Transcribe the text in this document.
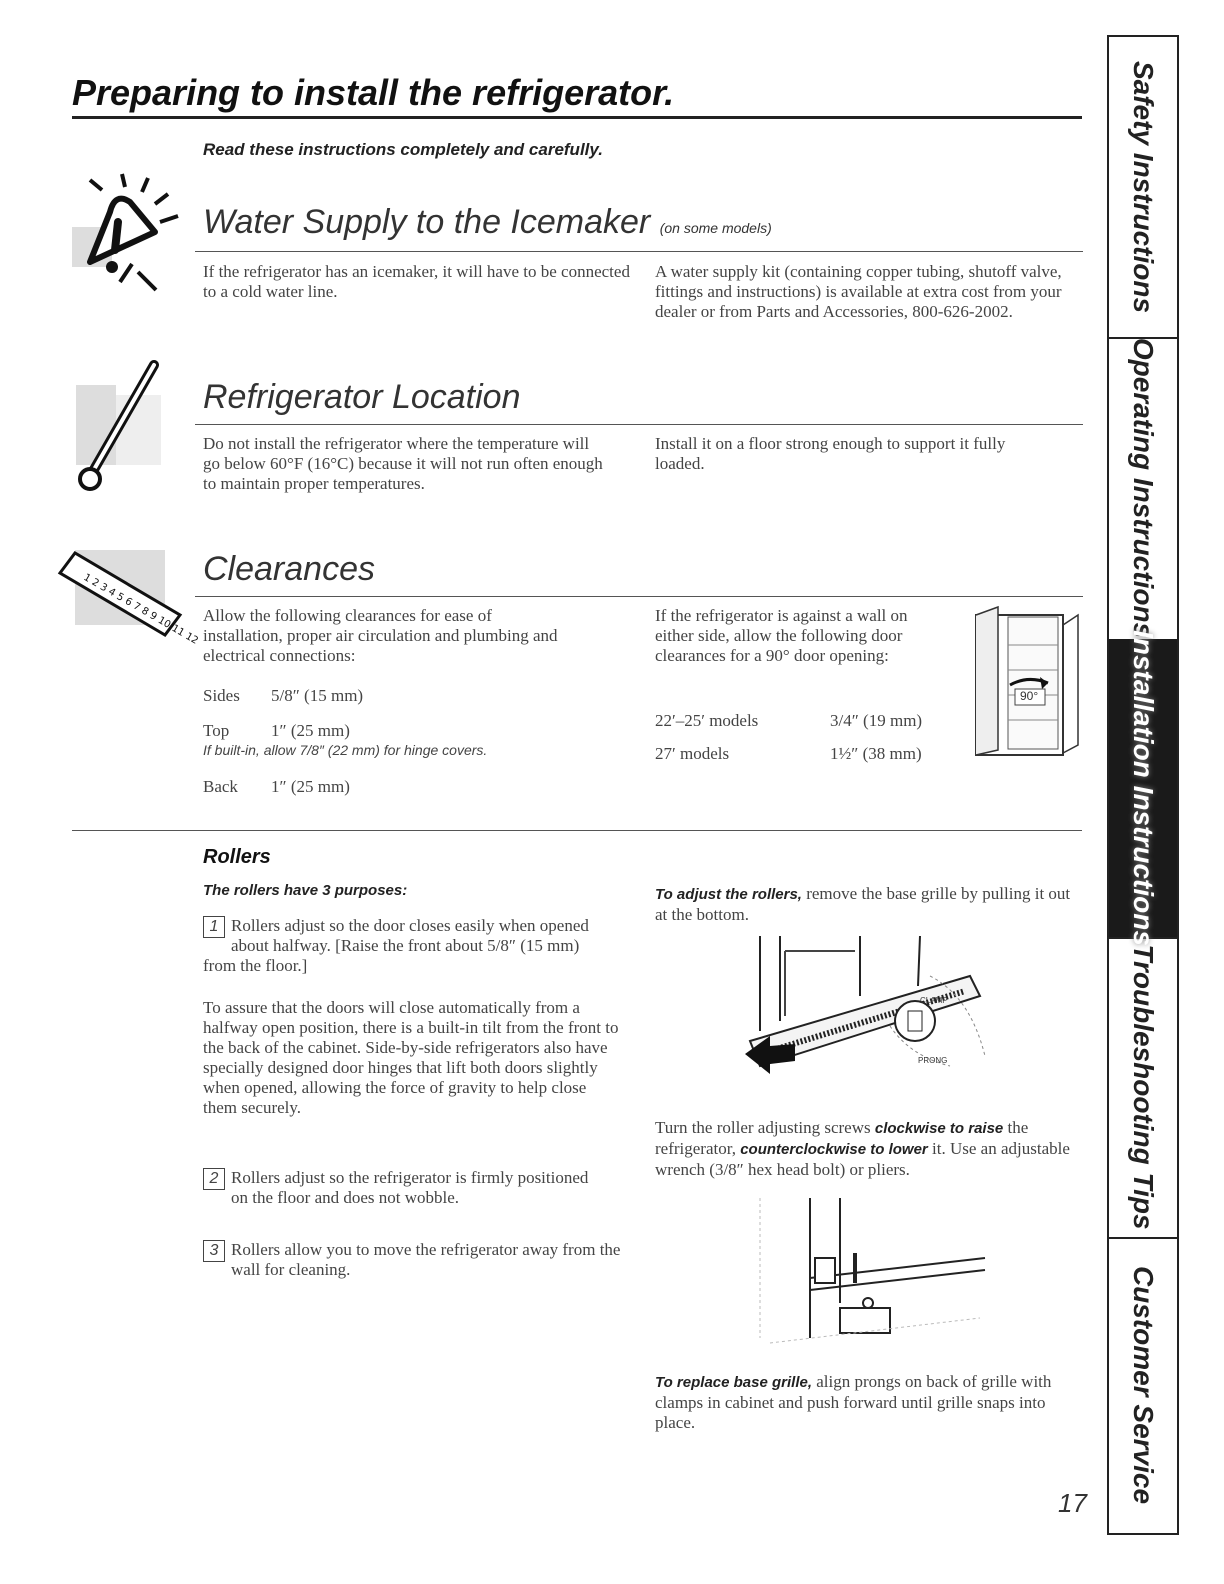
Preparing to install the refrigerator.
Read these instructions completely and carefully.
Water Supply to the Icemaker (on some models)
If the refrigerator has an icemaker, it will have to be connected to a cold water line.
A water supply kit (containing copper tubing, shutoff valve, fittings and instructions) is available at extra cost from your dealer or from Parts and Accessories, 800-626-2002.
Refrigerator Location
Do not install the refrigerator where the temperature will go below 60°F (16°C) because it will not run often enough to maintain proper temperatures.
Install it on a floor strong enough to support it fully loaded.
1 2 3 4 5 6 7 8 9 10 11 12
Clearances
Allow the following clearances for ease of installation, proper air circulation and plumbing and electrical connections:
Sides 5/8″ (15 mm)
Top 1″ (25 mm)
If built-in, allow 7/8″ (22 mm) for hinge covers.
Back 1″ (25 mm)
If the refrigerator is against a wall on either side, allow the following door clearances for a 90° door opening:
22′–25′ models	3/4″ (19 mm)
27′ models	1½″ (38 mm)
90°
Rollers
The rollers have 3 purposes:
1 Rollers adjust so the door closes easily when opened about halfway. [Raise the front about 5/8″ (15 mm) from the floor.]
To assure that the doors will close automatically from a halfway open position, there is a built-in tilt from the front to the back of the cabinet. Side-by-side refrigerators also have specially designed door hinges that lift both doors slightly when opened, allowing the force of gravity to help close them securely.
2 Rollers adjust so the refrigerator is firmly positioned on the floor and does not wobble.
3 Rollers allow you to move the refrigerator away from the wall for cleaning.
To adjust the rollers, remove the base grille by pulling it out at the bottom.
CLAMP
PRONG
Turn the roller adjusting screws clockwise to raise the refrigerator, counterclockwise to lower it. Use an adjustable wrench (3/8″ hex head bolt) or pliers.
To replace base grille, align prongs on back of grille with clamps in cabinet and push forward until grille snaps into place.
17
Safety Instructions
Operating Instructions
Installation Instructions
Troubleshooting Tips
Customer Service
